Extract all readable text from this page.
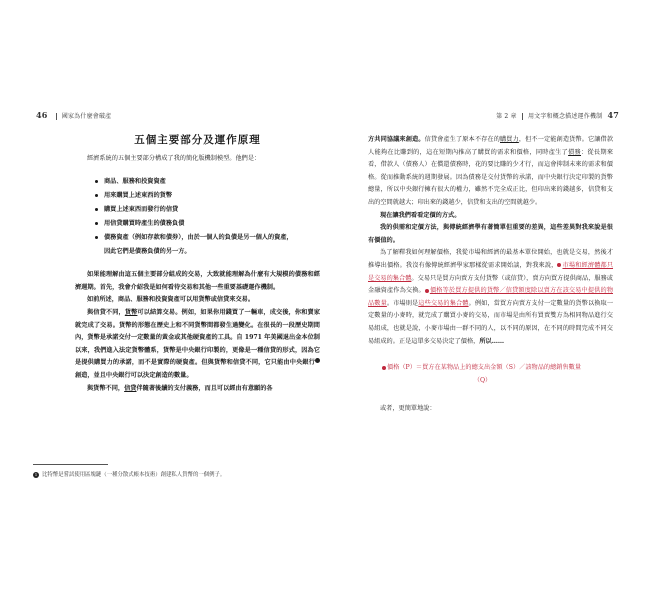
46 國家為什麼會破產	第 2 章 用文字和概念描述運作機制 47
五個主要部分及運作原理

經濟系統的五個主要部分構成了我的簡化版機制模型。他們是：

商品、服務和投資資產
用來購買上述東西的貨幣
購買上述東西而發行的信貸
用信貸購買時產生的債務負債
債務資產（例如存款和債券），由於一個人的負債是另一個人的資產，
因此它們是債務負債的另一方。

如果能理解由這五個主要部分組成的交易，大致就能理解為什麼有大規模的債務和經濟週期。首先，我會介紹我是如何看待交易和其他一些重要基礎運作機制。

如前所述，商品、服務和投資資產可以用貨幣或信貸來交易。

與信貸不同，貨幣可以結算交易。例如，如果你用錢買了一輛車，成交後，你和賣家就完成了交易。貨幣的形態在歷史上和不同貨幣間都發生過變化。在很長的一段歷史期間內，貨幣是承諾交付一定數量的黃金或其他硬資產的工具。自 1971 年美國退出金本位制以來，我們進入法定貨幣體系，貨幣是中央銀行印製的，更像是一種信貸的形式，因為它是提供購買力的承諾，而不是實際的硬資產。但與貨幣和信貸不同，它只能由中央銀行	$^1$創造，並且中央銀行可以決定創造的數量。

與貨幣不同，信貸伴隨著後續的支付義務，而且可以經由有意願的各

1 比特幣是嘗試使用區塊鏈（一種分散式帳本技術）創建私人貨幣的一個例子。

方共同協議來創造。信貸會產生了原本不存在的購買力，但不一定能創造貨幣。它讓借款人能夠在比賺到的，這在短期內推高了購買的需求和價格，同時產生了債務：從長期來看，借款人（債務人）在償還債務時，花的要比賺的少才行，而這會抑制未來的需求和價格。從而推動系統的週期發展。因為債務是交付貨幣的承諾，而中央銀行決定印製的貨幣總量，所以中央銀行擁有很大的權力，雖然不完全成正比，但印出來的錢越多，信貸和支出的空間就越大；印出來的錢越少，信貸和支出的空間就越少。

現在讓我們看看定價的方式。

我的供需和定價方法，與傳統經濟學有著簡單但重要的差異，這些差異對我來說是很有價值的。

為了解釋我如何理解價格，我從市場和經濟的最基本單位開始，也就是交易，然後才推導出價格。我沒有像傳統經濟學家那樣從需求開始談，對我來說， 市場和經濟體都只是交易的集合體。交易只是買方向賣方支付貨幣（或信貸），賣方向買方提供商品，服務或金融資產作為交換。 價格等於買方提供的貨幣／信貸額度除以賣方在該交易中提供的物品數量。市場則是這些交易的集合體。例如，當買方向賣方支付一定數量的貨幣以換取一定數量的小麥時，就完成了購買小麥的交易，而市場是由所有買賣雙方為相同物品進行交易組成，也就是說，小麥市場由一群不同的人，以不同的原因，在不同的時間完成不同交易組成的。正是這單多交易決定了價格，所以……

價格（P）＝買方在某物品上的總支出金額（S）／該物品的總銷售數量
（Q）

或者，更簡單地說：
